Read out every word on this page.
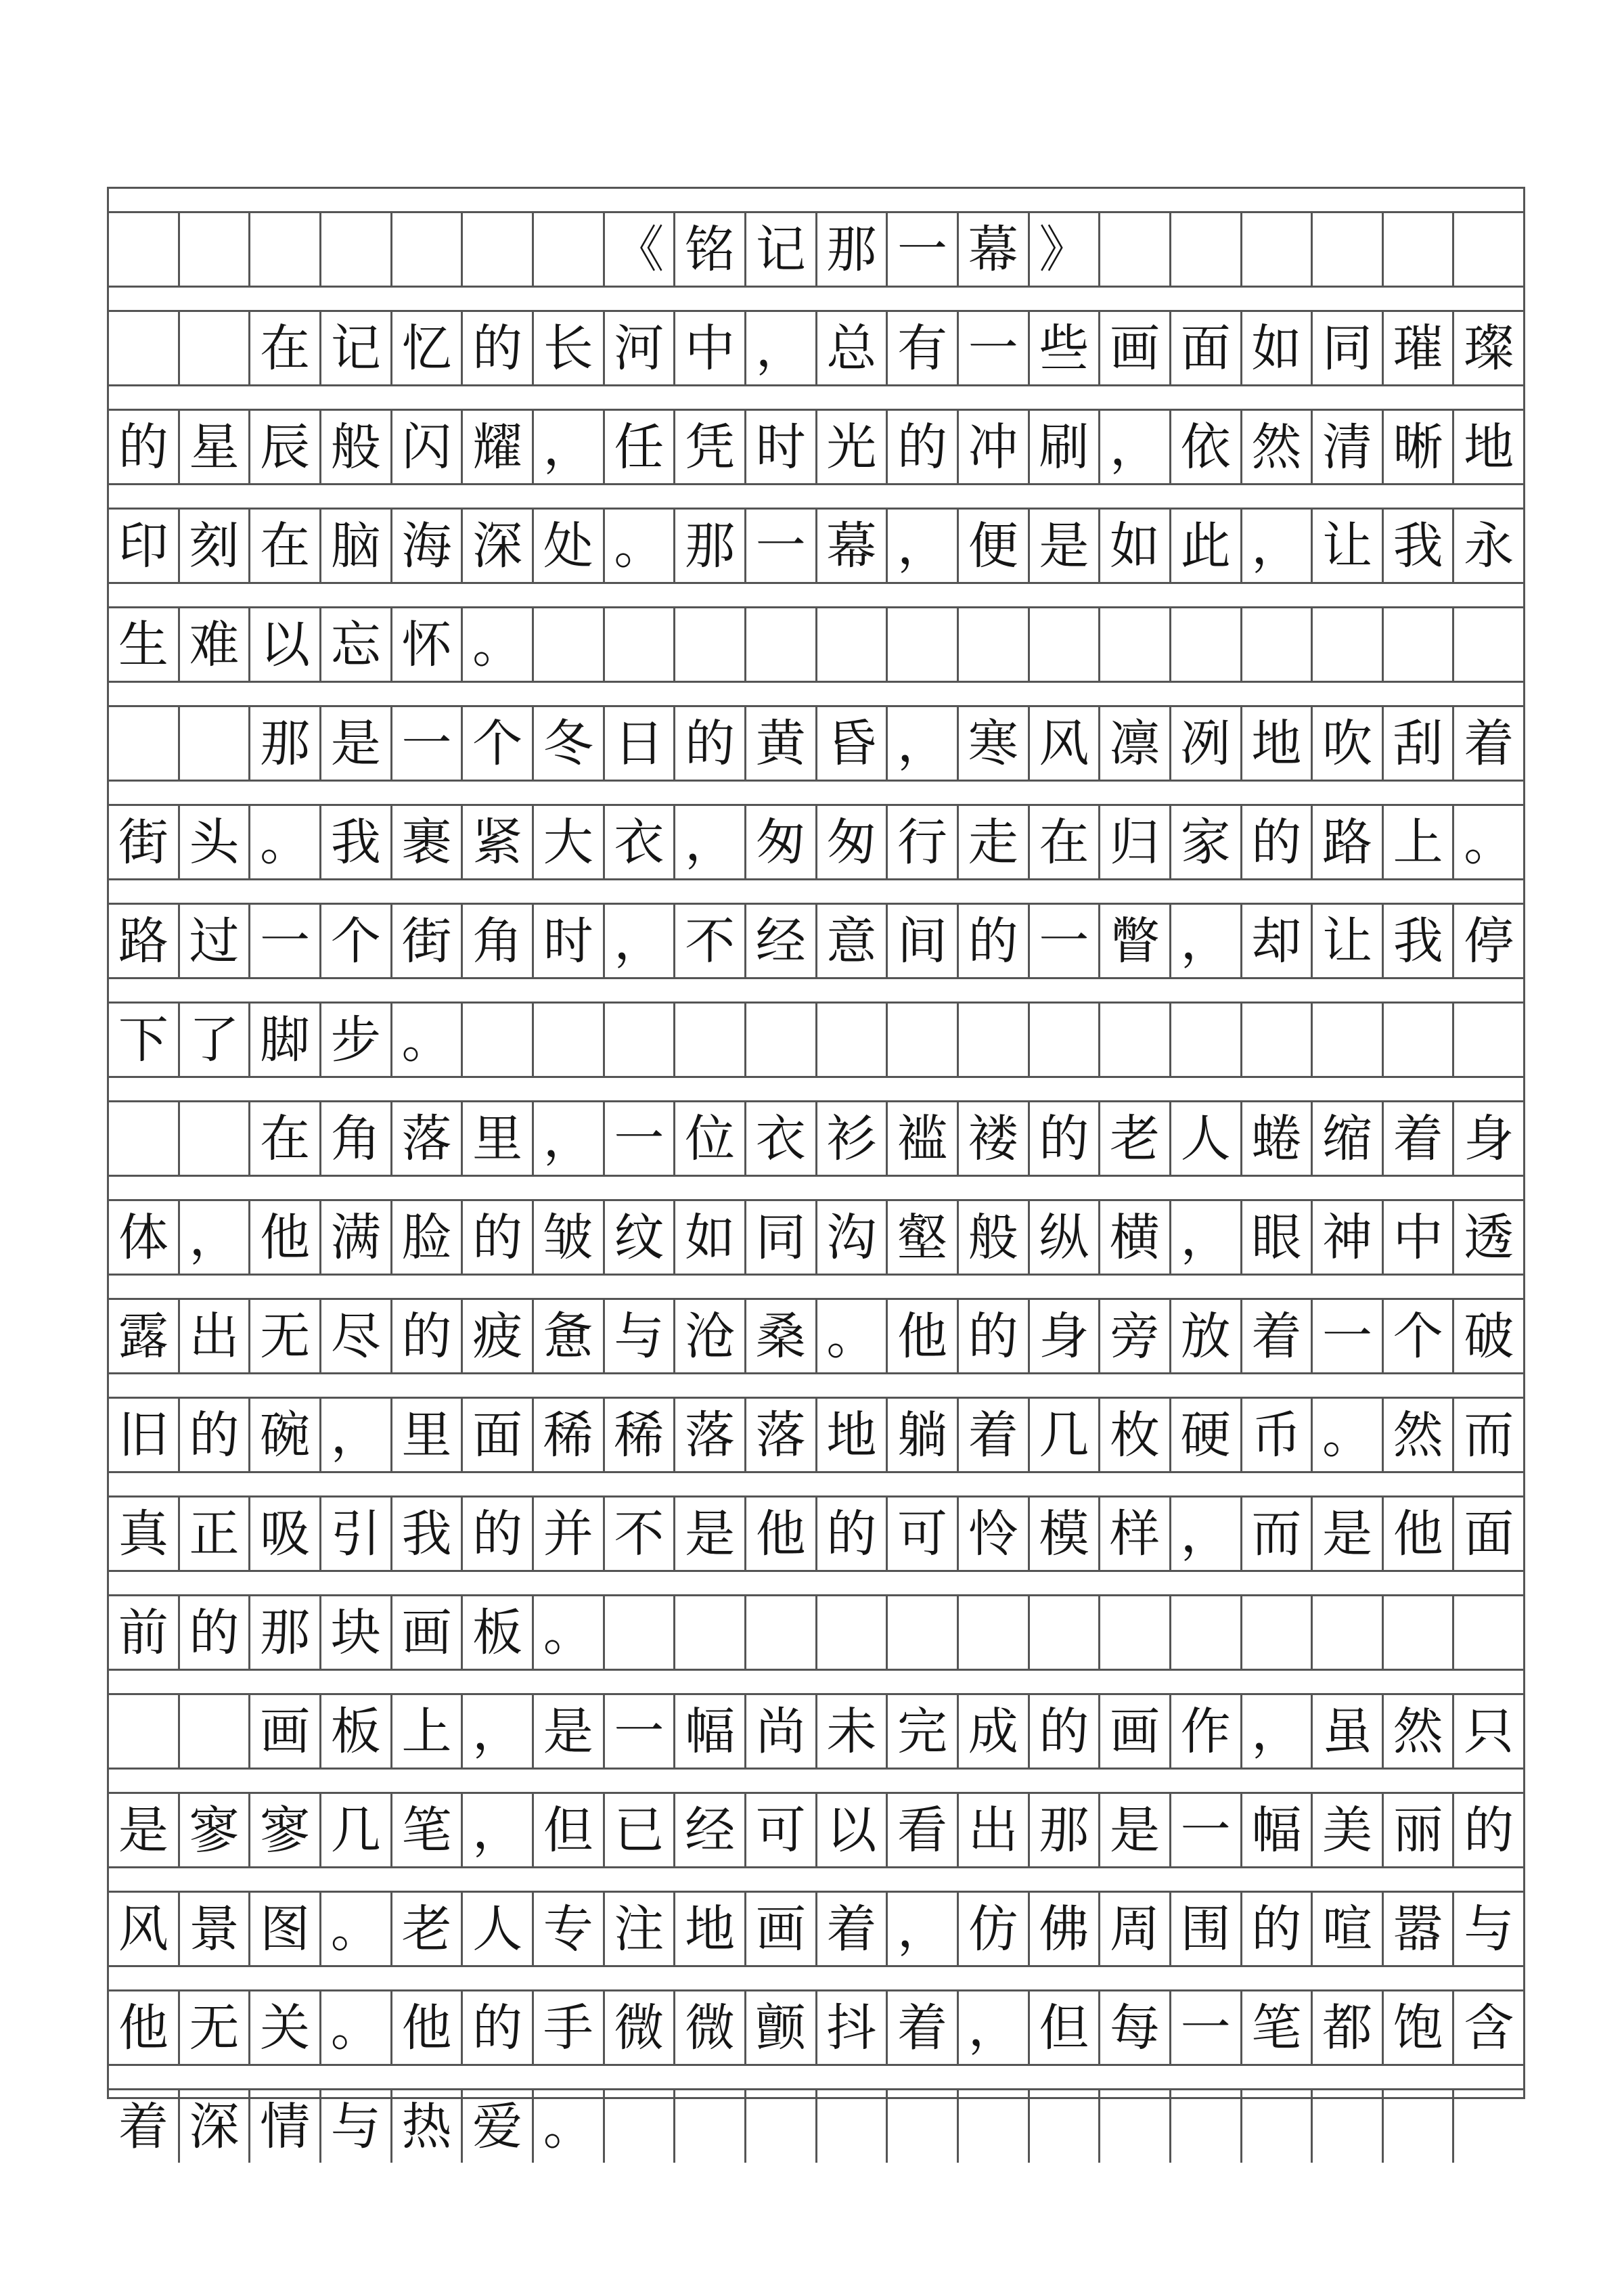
《 铭 记 那 一 幕 》
在 记 忆 的 长 河 中 ， 总 有 一 些 画 面 如 同 璀 璨
的 星 辰 般 闪 耀 ， 任 凭 时 光 的 冲 刷 ， 依 然 清 晰 地
印 刻 在 脑 海 深 处 。 那 一 幕 ， 便 是 如 此 ， 让 我 永
生 难 以 忘 怀 。
那 是 一 个 冬 日 的 黄 昏 ， 寒 风 凛 冽 地 吹 刮 着
街 头 。 我 裹 紧 大 衣 ， 匆 匆 行 走 在 归 家 的 路 上 。
路 过 一 个 街 角 时 ， 不 经 意 间 的 一 瞥 ， 却 让 我 停
下 了 脚 步 。
在 角 落 里 ， 一 位 衣 衫 褴 褛 的 老 人 蜷 缩 着 身
体 ， 他 满 脸 的 皱 纹 如 同 沟 壑 般 纵 横 ， 眼 神 中 透
露 出 无 尽 的 疲 惫 与 沧 桑 。 他 的 身 旁 放 着 一 个 破
旧 的 碗 ， 里 面 稀 稀 落 落 地 躺 着 几 枚 硬 币 。 然 而
真 正 吸 引 我 的 并 不 是 他 的 可 怜 模 样 ， 而 是 他 面
前 的 那 块 画 板 。
画 板 上 ， 是 一 幅 尚 未 完 成 的 画 作 ， 虽 然 只
是 寥 寥 几 笔 ， 但 已 经 可 以 看 出 那 是 一 幅 美 丽 的
风 景 图 。 老 人 专 注 地 画 着 ， 仿 佛 周 围 的 喧 嚣 与
他 无 关 。 他 的 手 微 微 颤 抖 着 ， 但 每 一 笔 都 饱 含
着 深 情 与 热 爱 。
